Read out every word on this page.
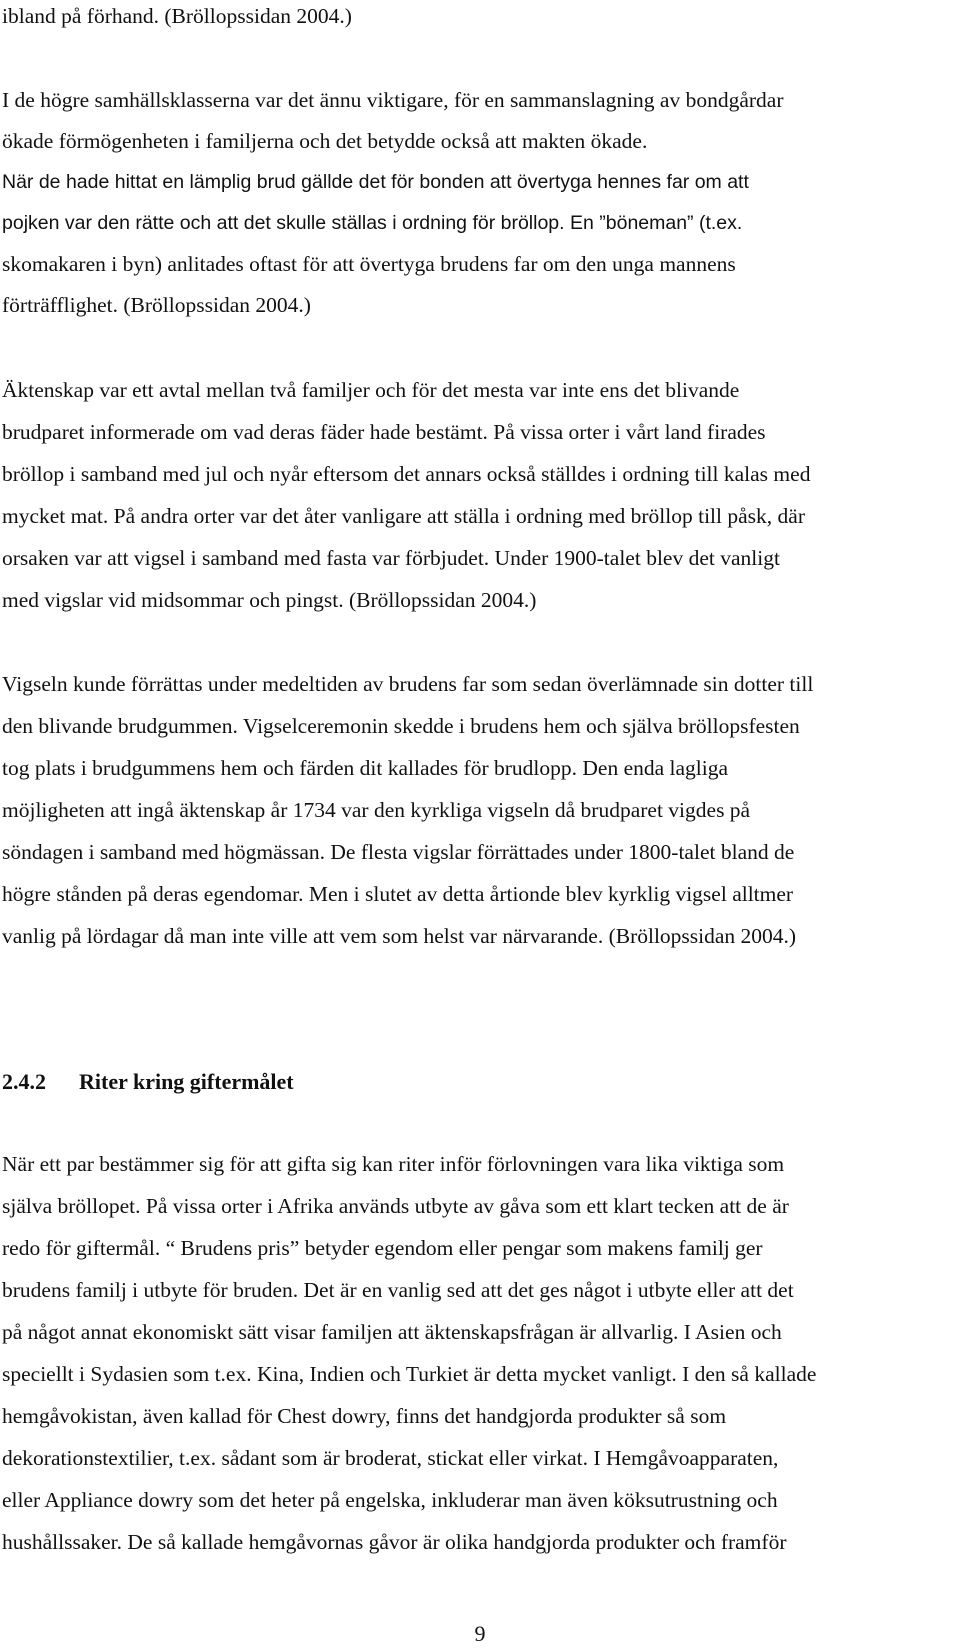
ibland på förhand. (Bröllopssidan 2004.)
I de högre samhällsklasserna var det ännu viktigare, för en sammanslagning av bondgårdar
ökade förmögenheten i familjerna och det betydde också att makten ökade.
När de hade hittat en lämplig brud gällde det för bonden att övertyga hennes far om att
pojken var den rätte och att det skulle ställas i ordning för bröllop. En ”böneman” (t.ex.
skomakaren i byn) anlitades oftast för att övertyga brudens far om den unga mannens
förträfflighet. (Bröllopssidan 2004.)
Äktenskap var ett avtal mellan två familjer och för det mesta var inte ens det blivande
brudparet informerade om vad deras fäder hade bestämt. På vissa orter i vårt land firades
bröllop i samband med jul och nyår eftersom det annars också ställdes i ordning till kalas med
mycket mat. På andra orter var det åter vanligare att ställa i ordning med bröllop till påsk, där
orsaken var att vigsel i samband med fasta var förbjudet. Under 1900-talet blev det vanligt
med vigslar vid midsommar och pingst. (Bröllopssidan 2004.)
Vigseln kunde förrättas under medeltiden av brudens far som sedan överlämnade sin dotter till
den blivande brudgummen. Vigselceremonin skedde i brudens hem och själva bröllopsfesten
tog plats i brudgummens hem och färden dit kallades för brudlopp. Den enda lagliga
möjligheten att ingå äktenskap år 1734 var den kyrkliga vigseln då brudparet vigdes på
söndagen i samband med högmässan. De flesta vigslar förrättades under 1800-talet bland de
högre stånden på deras egendomar. Men i slutet av detta årtionde blev kyrklig vigsel alltmer
vanlig på lördagar då man inte ville att vem som helst var närvarande. (Bröllopssidan 2004.)
2.4.2 Riter kring giftermålet
När ett par bestämmer sig för att gifta sig kan riter inför förlovningen vara lika viktiga som
själva bröllopet. På vissa orter i Afrika används utbyte av gåva som ett klart tecken att de är
redo för giftermål. “ Brudens pris” betyder egendom eller pengar som makens familj ger
brudens familj i utbyte för bruden. Det är en vanlig sed att det ges något i utbyte eller att det
på något annat ekonomiskt sätt visar familjen att äktenskapsfrågan är allvarlig. I Asien och
speciellt i Sydasien som t.ex. Kina, Indien och Turkiet är detta mycket vanligt. I den så kallade
hemgåvokistan, även kallad för Chest dowry, finns det handgjorda produkter så som
dekorationstextilier, t.ex. sådant som är broderat, stickat eller virkat. I Hemgåvoapparaten,
eller Appliance dowry som det heter på engelska, inkluderar man även köksutrustning och
hushållssaker. De så kallade hemgåvornas gåvor är olika handgjorda produkter och framför
9
